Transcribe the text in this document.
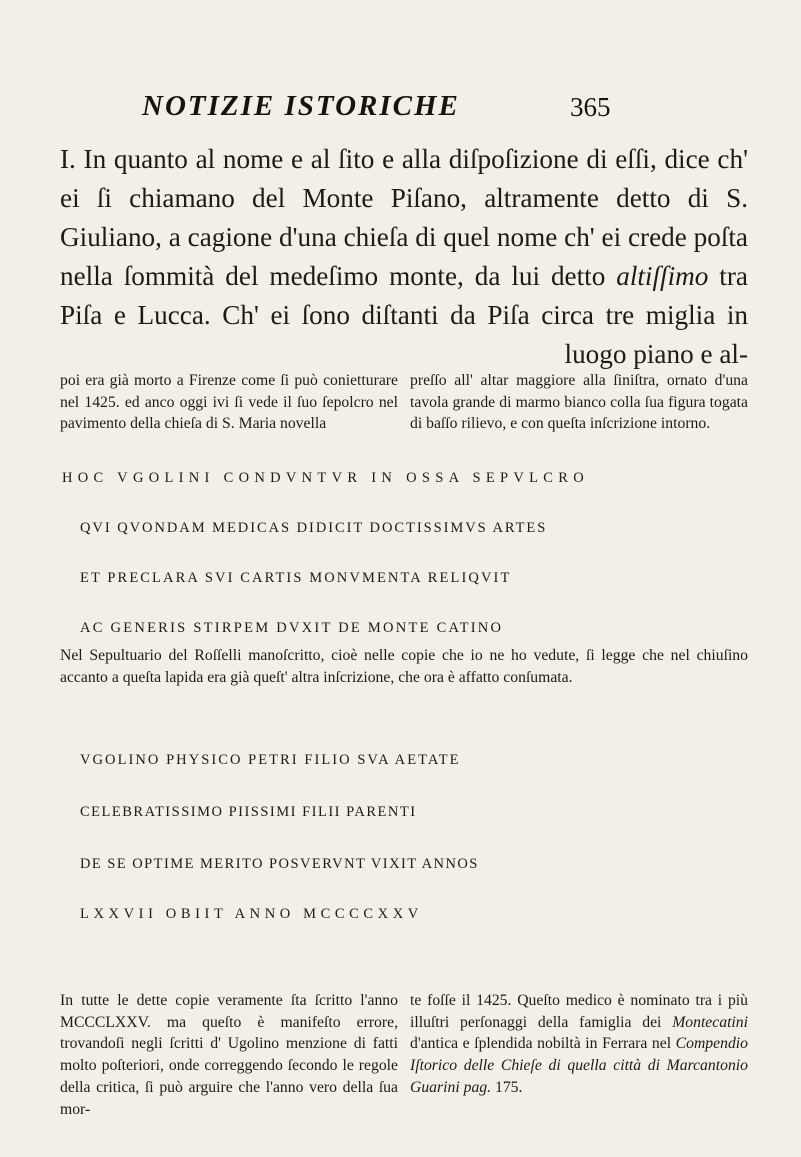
NOTIZIE ISTORICHE	365

I. In quanto al nome e al ſito e alla diſpoſizione di eſſi, dice ch' ei ſi chiamano del Monte Piſano, altramente detto di S. Giuliano, a cagione d'una chieſa di quel nome ch' ei crede poſta nella ſommità del medeſimo monte, da lui detto altiſſimo tra Piſa e Lucca. Ch' ei ſono diſtanti da Piſa circa tre miglia in luogo piano e al-

poi era già morto a Firenze come ſi può conietturare nel 1425. ed anco oggi ivi ſi vede il ſuo ſepolcro nel pavimento della chieſa di S. Maria novella

preſſo all' altar maggiore alla ſiniſtra, ornato d'una tavola grande di marmo bianco colla ſua figura togata di baſſo rilievo, e con queſta inſcrizione intorno.

HOC VGOLINI CONDVNTVR IN OSSA SEPVLCRO
QVI QVONDAM MEDICAS DIDICIT DOCTISSIMVS ARTES
ET PRECLARA SVI CARTIS MONVMENTA RELIQVIT
AC GENERIS STIRPEM DVXIT DE MONTE CATINO

Nel Sepultuario del Roſſelli manoſcritto, cioè nelle copie che io ne ho vedute, ſi legge che nel chiuſino accanto a queſta lapida era già queſt' altra inſcrizione, che ora è affatto conſumata.

VGOLINO PHYSICO PETRI FILIO SVA AETATE
CELEBRATISSIMO PIISSIMI FILII PARENTI
DE SE OPTIME MERITO POSVERVNT VIXIT ANNOS
LXXVII OBIIT ANNO MCCCCXXV

In tutte le dette copie veramente ſta ſcritto l'anno MCCCLXXV. ma queſto è manifeſto errore, trovandoſi negli ſcritti d' Ugolino menzione di fatti molto poſteriori, onde correggendo ſecondo le regole della critica, ſi può arguire che l'anno vero della ſua mor-

te foſſe il 1425. Queſto medico è nominato tra i più illuſtri perſonaggi della famiglia dei Montecatini d'antica e ſplendida nobiltà in Ferrara nel Compendio Iſtorico delle Chieſe di quella città di Marcantonio Guarini pag. 175.
